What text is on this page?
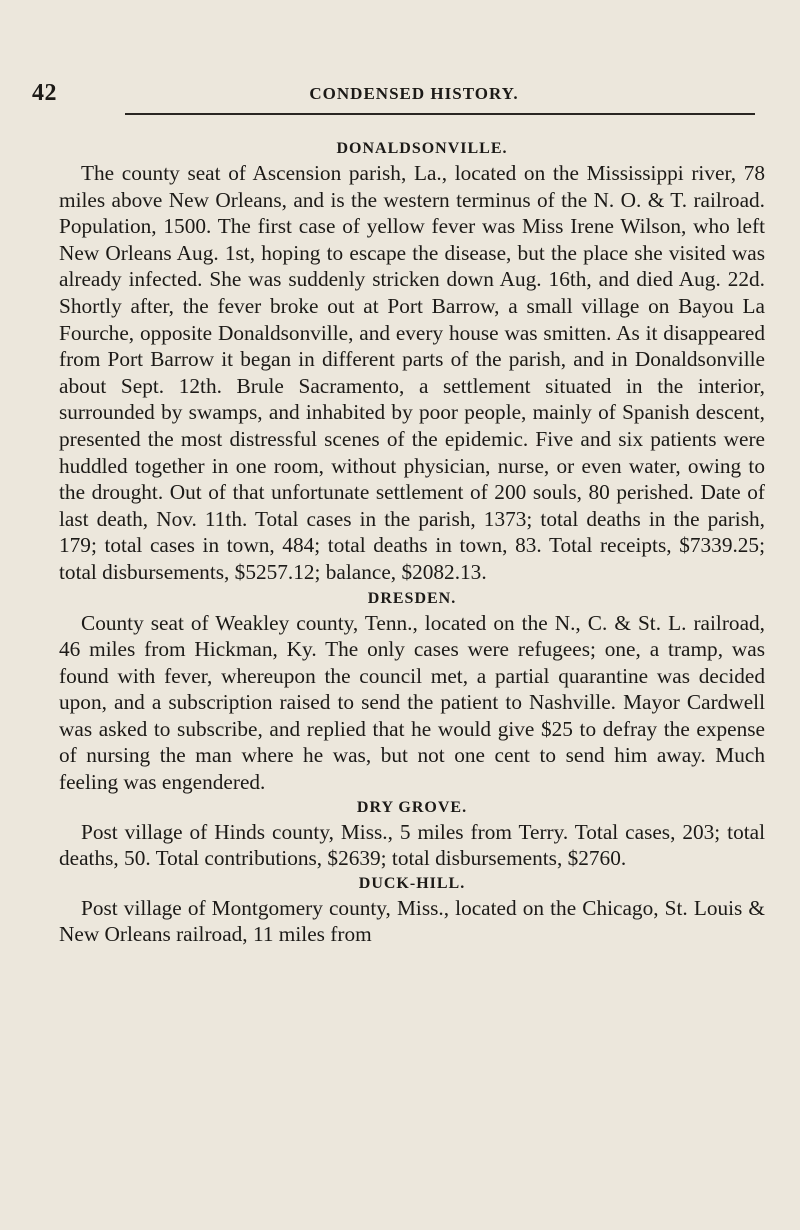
42	CONDENSED HISTORY.
DONALDSONVILLE.

The county seat of Ascension parish, La., located on the Mississippi river, 78 miles above New Orleans, and is the western terminus of the N. O. & T. railroad. Population, 1500. The first case of yellow fever was Miss Irene Wilson, who left New Orleans Aug. 1st, hoping to escape the disease, but the place she visited was already infected. She was suddenly stricken down Aug. 16th, and died Aug. 22d. Shortly after, the fever broke out at Port Barrow, a small village on Bayou La Fourche, opposite Donaldsonville, and every house was smitten. As it disappeared from Port Barrow it began in different parts of the parish, and in Donaldsonville about Sept. 12th. Brule Sacramento, a settlement situated in the interior, surrounded by swamps, and inhabited by poor people, mainly of Spanish descent, presented the most distressful scenes of the epidemic. Five and six patients were huddled together in one room, without physician, nurse, or even water, owing to the drought. Out of that unfortunate settlement of 200 souls, 80 perished. Date of last death, Nov. 11th. Total cases in the parish, 1373; total deaths in the parish, 179; total cases in town, 484; total deaths in town, 83. Total receipts, $7339.25; total disbursements, $5257.12; balance, $2082.13.

DRESDEN.

County seat of Weakley county, Tenn., located on the N., C. & St. L. railroad, 46 miles from Hickman, Ky. The only cases were refugees; one, a tramp, was found with fever, whereupon the council met, a partial quarantine was decided upon, and a subscription raised to send the patient to Nashville. Mayor Cardwell was asked to subscribe, and replied that he would give $25 to defray the expense of nursing the man where he was, but not one cent to send him away. Much feeling was engendered.

DRY GROVE.

Post village of Hinds county, Miss., 5 miles from Terry. Total cases, 203; total deaths, 50. Total contributions, $2639; total disbursements, $2760.

DUCK-HILL.

Post village of Montgomery county, Miss., located on the Chicago, St. Louis & New Orleans railroad, 11 miles from
